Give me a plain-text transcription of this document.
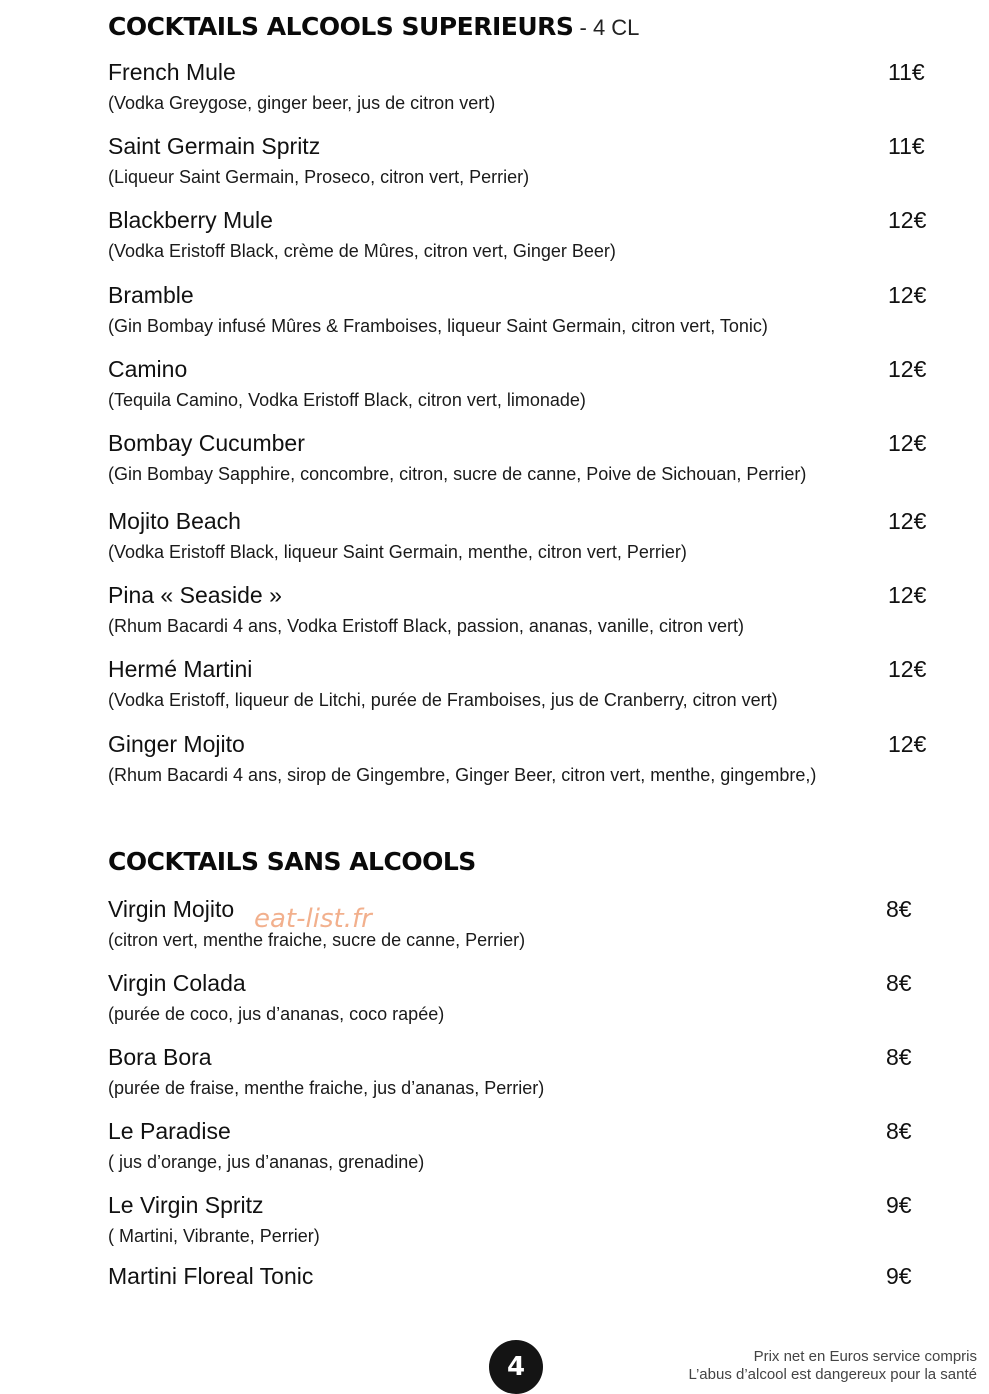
COCKTAILS ALCOOLS SUPERIEURS - 4 CL
French Mule
(Vodka Greygose, ginger beer, jus de citron vert)
11€
Saint Germain Spritz
(Liqueur Saint Germain, Proseco, citron vert, Perrier)
11€
Blackberry Mule
(Vodka Eristoff Black, crème de Mûres, citron vert, Ginger Beer)
12€
Bramble
(Gin Bombay infusé Mûres & Framboises, liqueur Saint Germain, citron vert, Tonic)
12€
Camino
(Tequila Camino, Vodka Eristoff Black, citron vert, limonade)
12€
Bombay Cucumber
(Gin Bombay Sapphire, concombre, citron, sucre de canne, Poive de Sichouan, Perrier)
12€
Mojito Beach
(Vodka Eristoff Black, liqueur Saint Germain, menthe, citron vert, Perrier)
12€
Pina « Seaside »
(Rhum Bacardi 4 ans, Vodka Eristoff Black, passion, ananas, vanille, citron vert)
12€
Hermé Martini
(Vodka Eristoff, liqueur de Litchi, purée de Framboises, jus de Cranberry, citron vert)
12€
Ginger Mojito
(Rhum Bacardi 4 ans, sirop de Gingembre, Ginger Beer, citron vert, menthe, gingembre,)
12€
COCKTAILS SANS ALCOOLS
Virgin Mojito
(citron vert, menthe fraiche, sucre de canne, Perrier)
8€
Virgin Colada
(purée de coco, jus d’ananas, coco rapée)
8€
Bora Bora
(purée de fraise, menthe fraiche, jus d’ananas, Perrier)
8€
Le Paradise
( jus d’orange, jus d’ananas, grenadine)
8€
Le Virgin Spritz
( Martini, Vibrante, Perrier)
9€
Martini Floreal Tonic	9€
eat-list.fr
4	Prix net en Euros service compris
L’abus d’alcool est dangereux pour la santé
